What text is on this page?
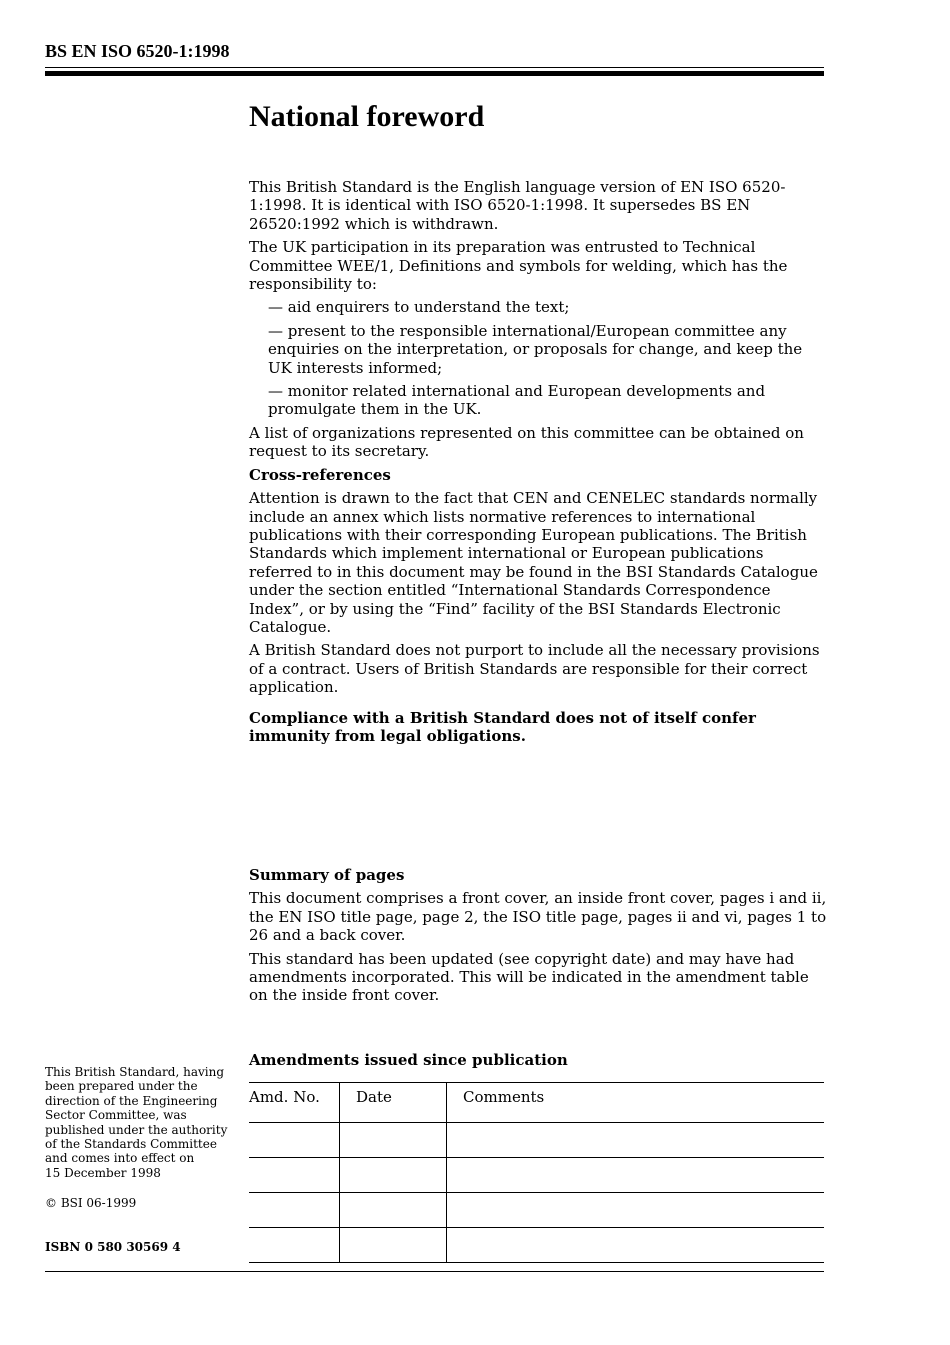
BS EN ISO 6520-1:1998
National foreword

This British Standard is the English language version of EN ISO 6520-1:1998. It is identical with ISO 6520-1:1998. It supersedes BS EN 26520:1992 which is withdrawn.

The UK participation in its preparation was entrusted to Technical Committee WEE/1, Definitions and symbols for welding, which has the responsibility to:

— aid enquirers to understand the text;

— present to the responsible international/European committee any enquiries on the interpretation, or proposals for change, and keep the UK interests informed;

— monitor related international and European developments and promulgate them in the UK.

A list of organizations represented on this committee can be obtained on request to its secretary.

Cross-references

Attention is drawn to the fact that CEN and CENELEC standards normally include an annex which lists normative references to international publications with their corresponding European publications. The British Standards which implement international or European publications referred to in this document may be found in the BSI Standards Catalogue under the section entitled “International Standards Correspondence Index”, or by using the “Find” facility of the BSI Standards Electronic Catalogue.

A British Standard does not purport to include all the necessary provisions of a contract. Users of British Standards are responsible for their correct application.

Compliance with a British Standard does not of itself confer immunity from legal obligations.

Summary of pages

This document comprises a front cover, an inside front cover, pages i and ii, the EN ISO title page, page 2, the ISO title page, pages ii and vi, pages 1 to 26 and a back cover.

This standard has been updated (see copyright date) and may have had amendments incorporated. This will be indicated in the amendment table on the inside front cover.

Amendments issued since publication
Amd. No.	Date	Comments

This British Standard, having

been prepared under the

direction of the Engineering

Sector Committee, was

published under the authority

of the Standards Committee

and comes into effect on

15 December 1998

© BSI 06-1999
ISBN 0 580 30569 4
